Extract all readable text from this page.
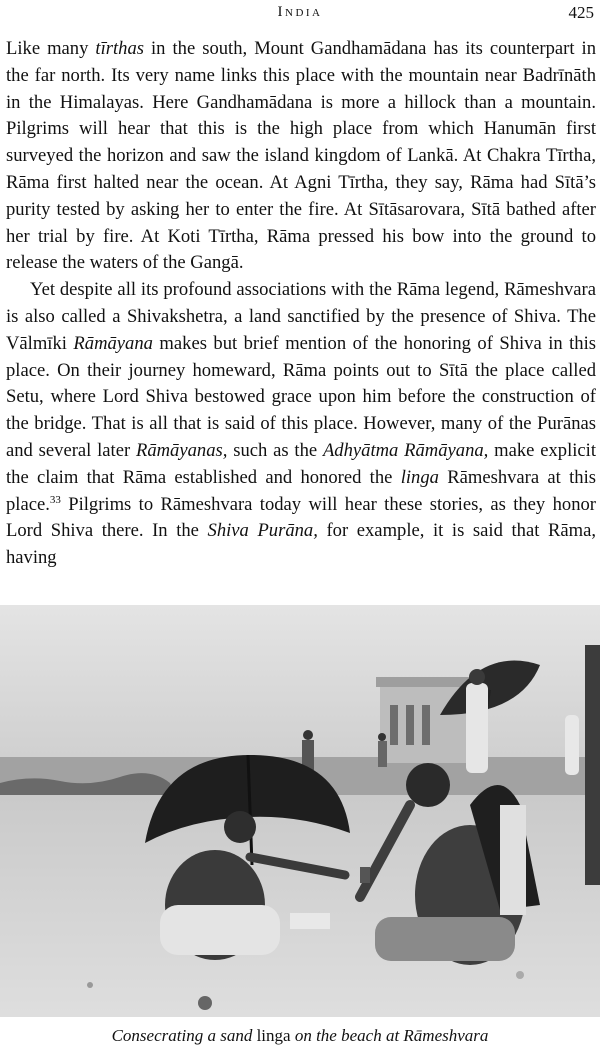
India	425

Like many tīrthas in the south, Mount Gandhamādana has its counterpart in the far north. Its very name links this place with the mountain near Badrīnāth in the Himalayas. Here Gandhamādana is more a hillock than a mountain. Pilgrims will hear that this is the high place from which Hanumān first surveyed the horizon and saw the island kingdom of Lankā. At Chakra Tīrtha, Rāma first halted near the ocean. At Agni Tīrtha, they say, Rāma had Sītā’s purity tested by asking her to enter the fire. At Sītāsarovara, Sītā bathed after her trial by fire. At Koti Tīrtha, Rāma pressed his bow into the ground to release the waters of the Gangā.

Yet despite all its profound associations with the Rāma legend, Rāmeshvara is also called a Shivakshetra, a land sanctified by the presence of Shiva. The Vālmīki Rāmāyana makes but brief mention of the honoring of Shiva in this place. On their journey homeward, Rāma points out to Sītā the place called Setu, where Lord Shiva bestowed grace upon him before the construction of the bridge. That is all that is said of this place. However, many of the Purānas and several later Rāmāyanas, such as the Adhyātma Rāmāyana, make explicit the claim that Rāma established and honored the linga Rāmeshvara at this place.$^{33}$ Pilgrims to Rāmeshvara today will hear these stories, as they honor Lord Shiva there. In the Shiva Purāna, for example, it is said that Rāma, having

Consecrating a sand linga on the beach at Rāmeshvara
